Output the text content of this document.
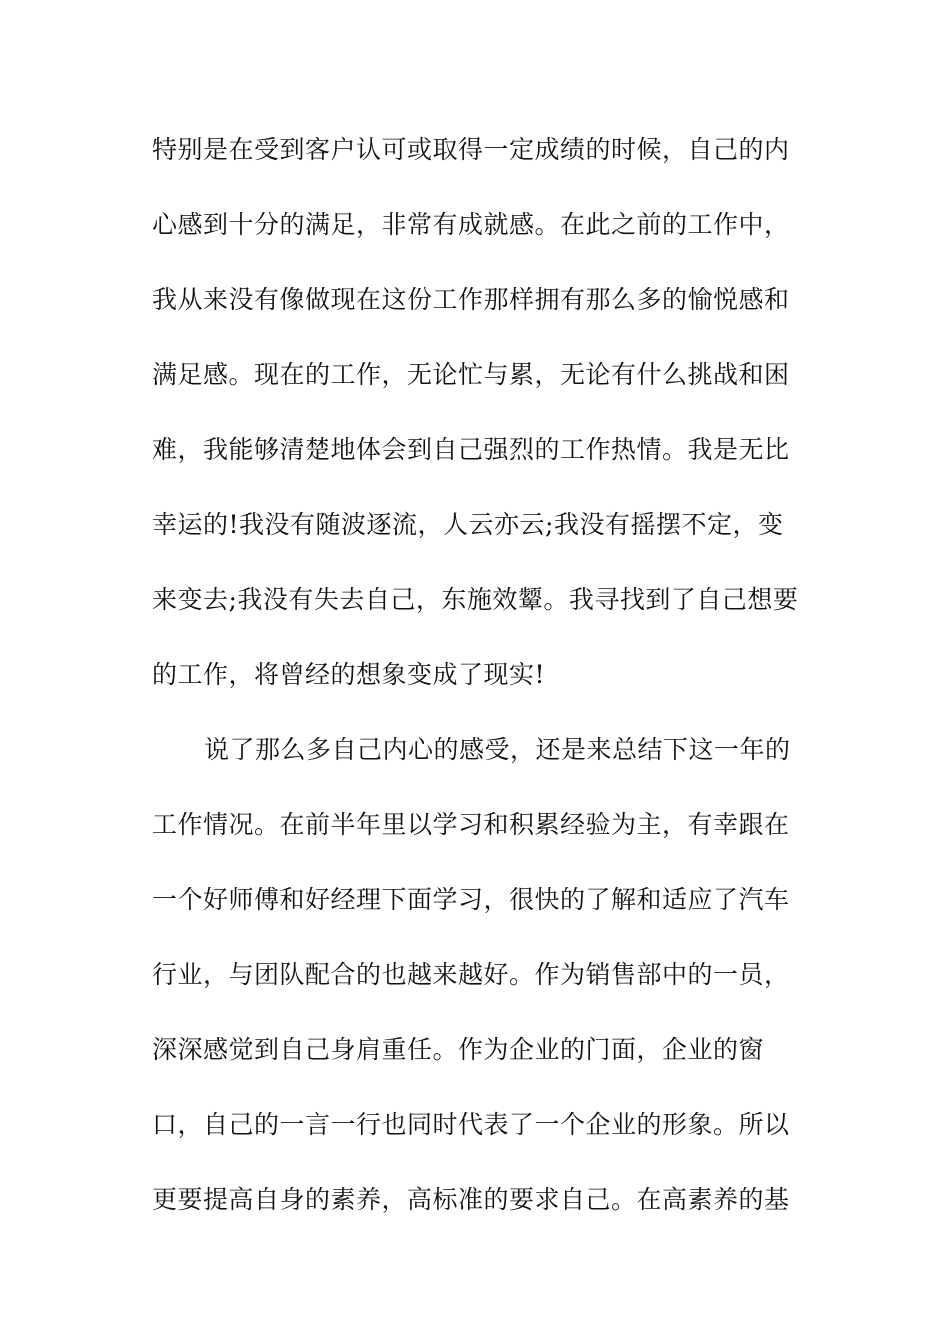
特别是在受到客户认可或取得一定成绩的时候，自己的内
心感到十分的满足，非常有成就感。在此之前的工作中，
我从来没有像做现在这份工作那样拥有那么多的愉悦感和
满足感。现在的工作，无论忙与累，无论有什么挑战和困
难，我能够清楚地体会到自己强烈的工作热情。我是无比
幸运的!我没有随波逐流，人云亦云;我没有摇摆不定，变
来变去;我没有失去自己，东施效颦。我寻找到了自己想要
的工作，将曾经的想象变成了现实!
说了那么多自己内心的感受，还是来总结下这一年的
工作情况。在前半年里以学习和积累经验为主，有幸跟在
一个好师傅和好经理下面学习，很快的了解和适应了汽车
行业，与团队配合的也越来越好。作为销售部中的一员，
深深感觉到自己身肩重任。作为企业的门面，企业的窗
口，自己的一言一行也同时代表了一个企业的形象。所以
更要提高自身的素养，高标准的要求自己。在高素养的基
